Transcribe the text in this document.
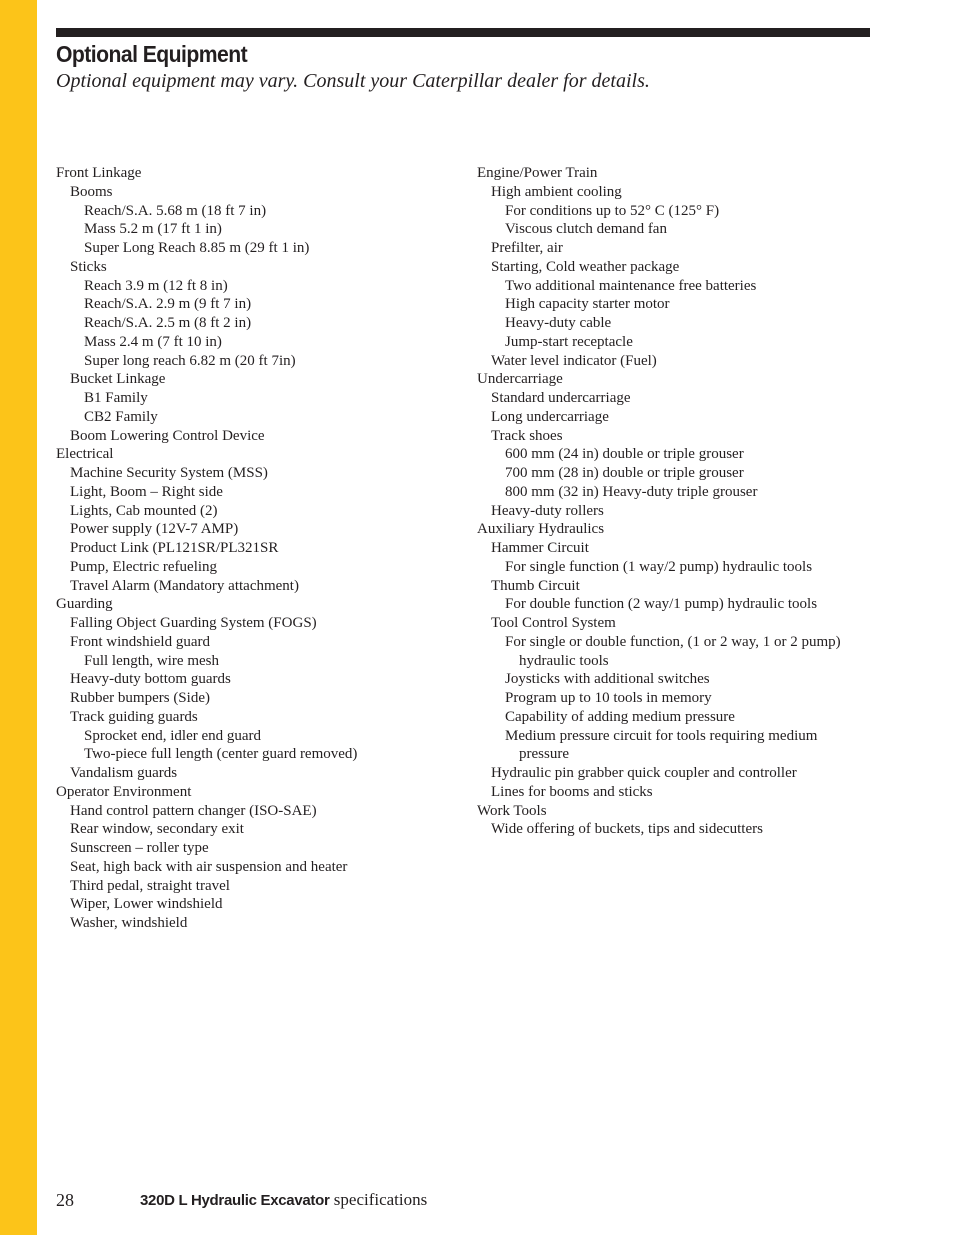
Optional Equipment

Optional equipment may vary. Consult your Caterpillar dealer for details.

Front Linkage
Booms
Reach/S.A. 5.68 m (18 ft 7 in)
Mass 5.2 m (17 ft 1 in)
Super Long Reach 8.85 m (29 ft 1 in)
Sticks
Reach 3.9 m (12 ft 8 in)
Reach/S.A. 2.9 m (9 ft 7 in)
Reach/S.A. 2.5 m (8 ft 2 in)
Mass 2.4 m (7 ft 10 in)
Super long reach 6.82 m (20 ft 7in)
Bucket Linkage
B1 Family
CB2 Family
Boom Lowering Control Device
Electrical
Machine Security System (MSS)
Light, Boom – Right side
Lights, Cab mounted (2)
Power supply (12V-7 AMP)
Product Link (PL121SR/PL321SR
Pump, Electric refueling
Travel Alarm (Mandatory attachment)
Guarding
Falling Object Guarding System (FOGS)
Front windshield guard
Full length, wire mesh
Heavy-duty bottom guards
Rubber bumpers (Side)
Track guiding guards
Sprocket end, idler end guard
Two-piece full length (center guard removed)
Vandalism guards
Operator Environment
Hand control pattern changer (ISO-SAE)
Rear window, secondary exit
Sunscreen – roller type
Seat, high back with air suspension and heater
Third pedal, straight travel
Wiper, Lower windshield
Washer, windshield
Engine/Power Train
High ambient cooling
For conditions up to 52° C (125° F)
Viscous clutch demand fan
Prefilter, air
Starting, Cold weather package
Two additional maintenance free batteries
High capacity starter motor
Heavy-duty cable
Jump-start receptacle
Water level indicator (Fuel)
Undercarriage
Standard undercarriage
Long undercarriage
Track shoes
600 mm (24 in) double or triple grouser
700 mm (28 in) double or triple grouser
800 mm (32 in) Heavy-duty triple grouser
Heavy-duty rollers
Auxiliary Hydraulics
Hammer Circuit
For single function (1 way/2 pump) hydraulic tools
Thumb Circuit
For double function (2 way/1 pump) hydraulic tools
Tool Control System
For single or double function, (1 or 2 way, 1 or 2 pump)
hydraulic tools
Joysticks with additional switches
Program up to 10 tools in memory
Capability of adding medium pressure
Medium pressure circuit for tools requiring medium
pressure
Hydraulic pin grabber quick coupler and controller
Lines for booms and sticks
Work Tools
Wide offering of buckets, tips and sidecutters
28	320D L Hydraulic Excavator specifications
